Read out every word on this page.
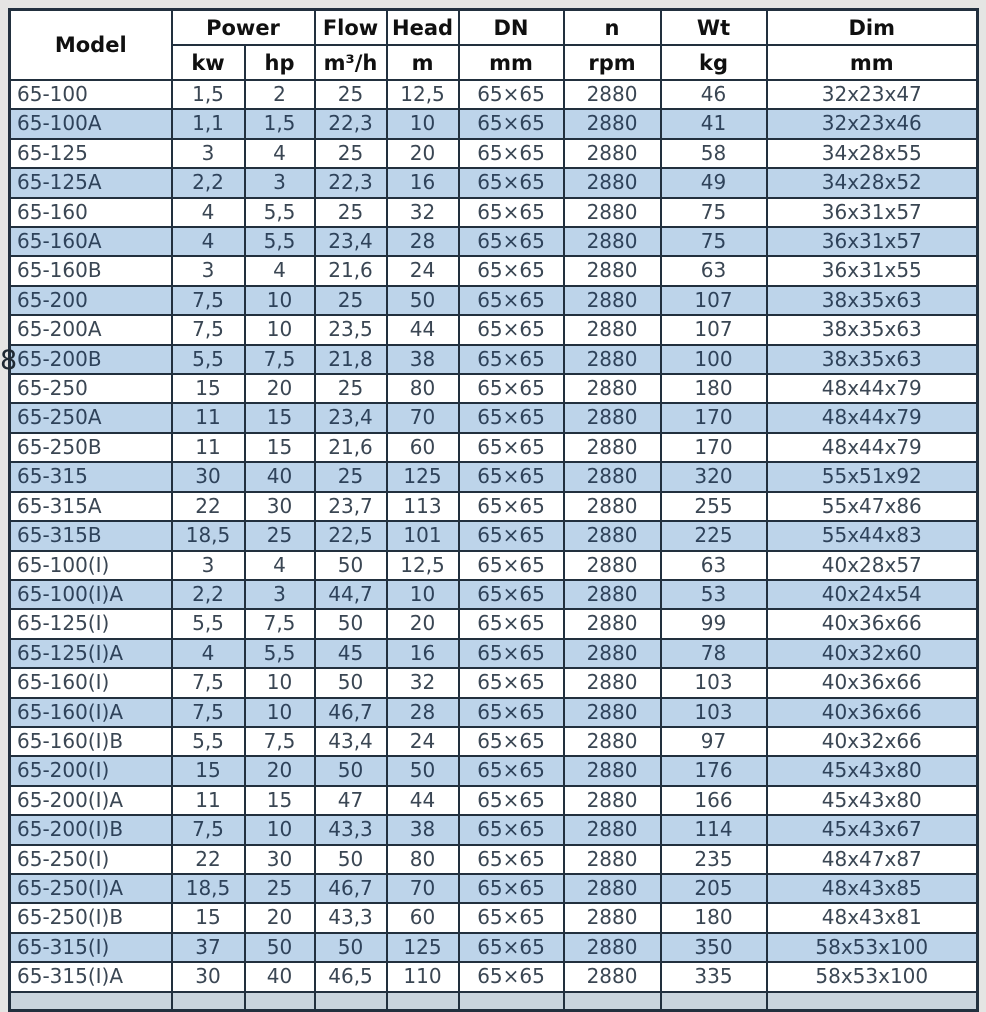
8
Model	Power		Flow	Head	DN	n	Wt	Dim
	kw	hp	m³/h	m	mm	rpm	kg	mm
65-100	1,5	2	25	12,5	65×65	2880	46	32x23x47
65-100A	1,1	1,5	22,3	10	65×65	2880	41	32x23x46
65-125	3	4	25	20	65×65	2880	58	34x28x55
65-125A	2,2	3	22,3	16	65×65	2880	49	34x28x52
65-160	4	5,5	25	32	65×65	2880	75	36x31x57
65-160A	4	5,5	23,4	28	65×65	2880	75	36x31x57
65-160B	3	4	21,6	24	65×65	2880	63	36x31x55
65-200	7,5	10	25	50	65×65	2880	107	38x35x63
65-200A	7,5	10	23,5	44	65×65	2880	107	38x35x63
65-200B	5,5	7,5	21,8	38	65×65	2880	100	38x35x63
65-250	15	20	25	80	65×65	2880	180	48x44x79
65-250A	11	15	23,4	70	65×65	2880	170	48x44x79
65-250B	11	15	21,6	60	65×65	2880	170	48x44x79
65-315	30	40	25	125	65×65	2880	320	55x51x92
65-315A	22	30	23,7	113	65×65	2880	255	55x47x86
65-315B	18,5	25	22,5	101	65×65	2880	225	55x44x83
65-100(I)	3	4	50	12,5	65×65	2880	63	40x28x57
65-100(I)A	2,2	3	44,7	10	65×65	2880	53	40x24x54
65-125(I)	5,5	7,5	50	20	65×65	2880	99	40x36x66
65-125(I)A	4	5,5	45	16	65×65	2880	78	40x32x60
65-160(I)	7,5	10	50	32	65×65	2880	103	40x36x66
65-160(I)A	7,5	10	46,7	28	65×65	2880	103	40x36x66
65-160(I)B	5,5	7,5	43,4	24	65×65	2880	97	40x32x66
65-200(I)	15	20	50	50	65×65	2880	176	45x43x80
65-200(I)A	11	15	47	44	65×65	2880	166	45x43x80
65-200(I)B	7,5	10	43,3	38	65×65	2880	114	45x43x67
65-250(I)	22	30	50	80	65×65	2880	235	48x47x87
65-250(I)A	18,5	25	46,7	70	65×65	2880	205	48x43x85
65-250(I)B	15	20	43,3	60	65×65	2880	180	48x43x81
65-315(I)	37	50	50	125	65×65	2880	350	58x53x100
65-315(I)A	30	40	46,5	110	65×65	2880	335	58x53x100
